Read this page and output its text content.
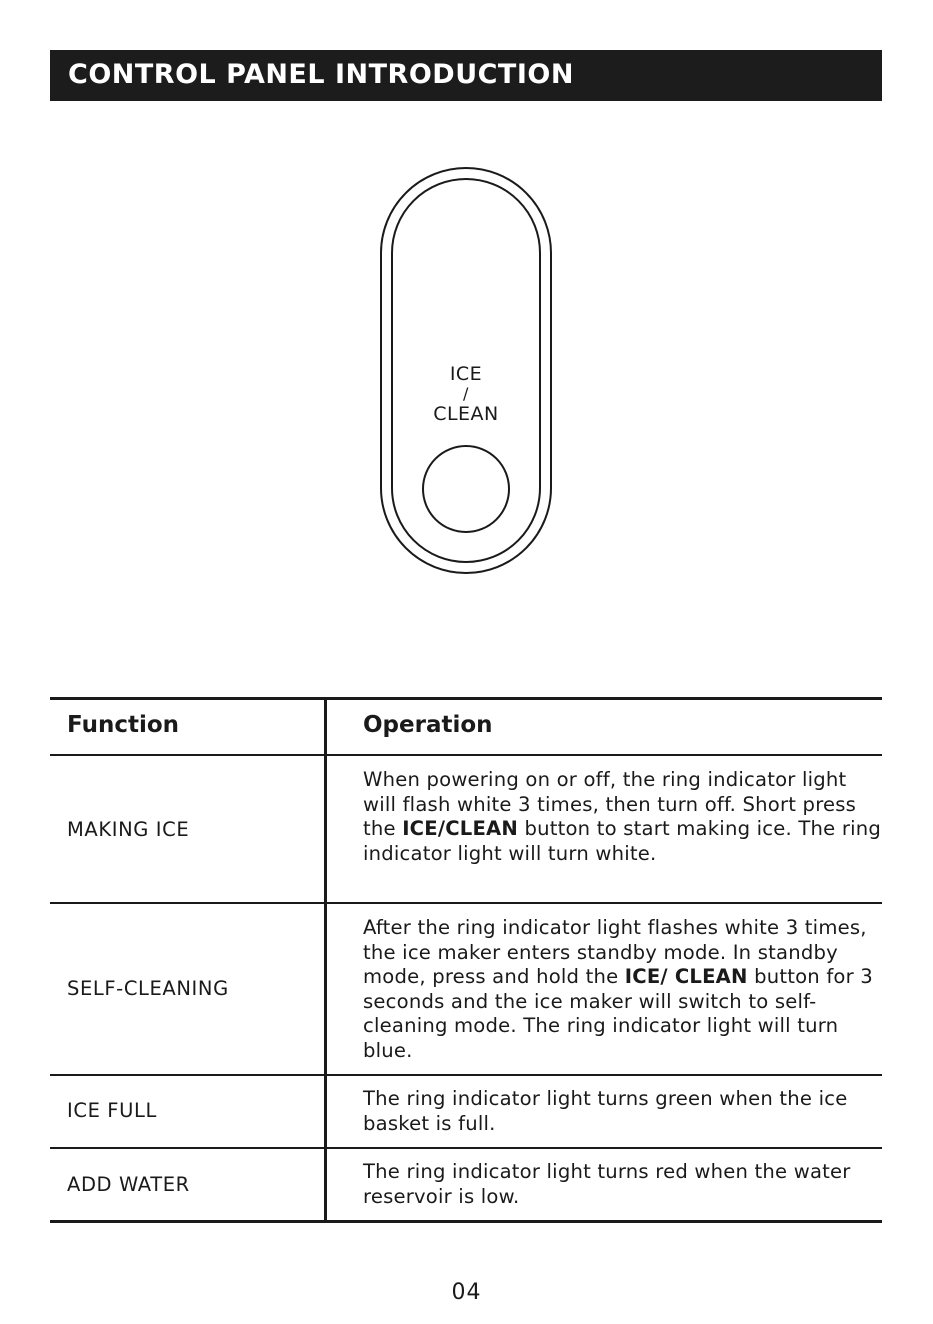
CONTROL PANEL INTRODUCTION
ICE
/
CLEAN
Function	Operation
MAKING ICE
When powering on or off, the ring indicator light will flash white 3 times, then turn off. Short press the ICE/CLEAN button to start making ice. The ring indicator light will turn white.
SELF-CLEANING
After the ring indicator light flashes white 3 times, the ice maker enters standby mode. In standby mode, press and hold the ICE/ CLEAN button for 3 seconds and the ice maker will switch to self-cleaning mode. The ring indicator light will turn blue.
ICE FULL
The ring indicator light turns green when the ice basket is full.
ADD WATER
The ring indicator light turns red when the water reservoir is low.
04
